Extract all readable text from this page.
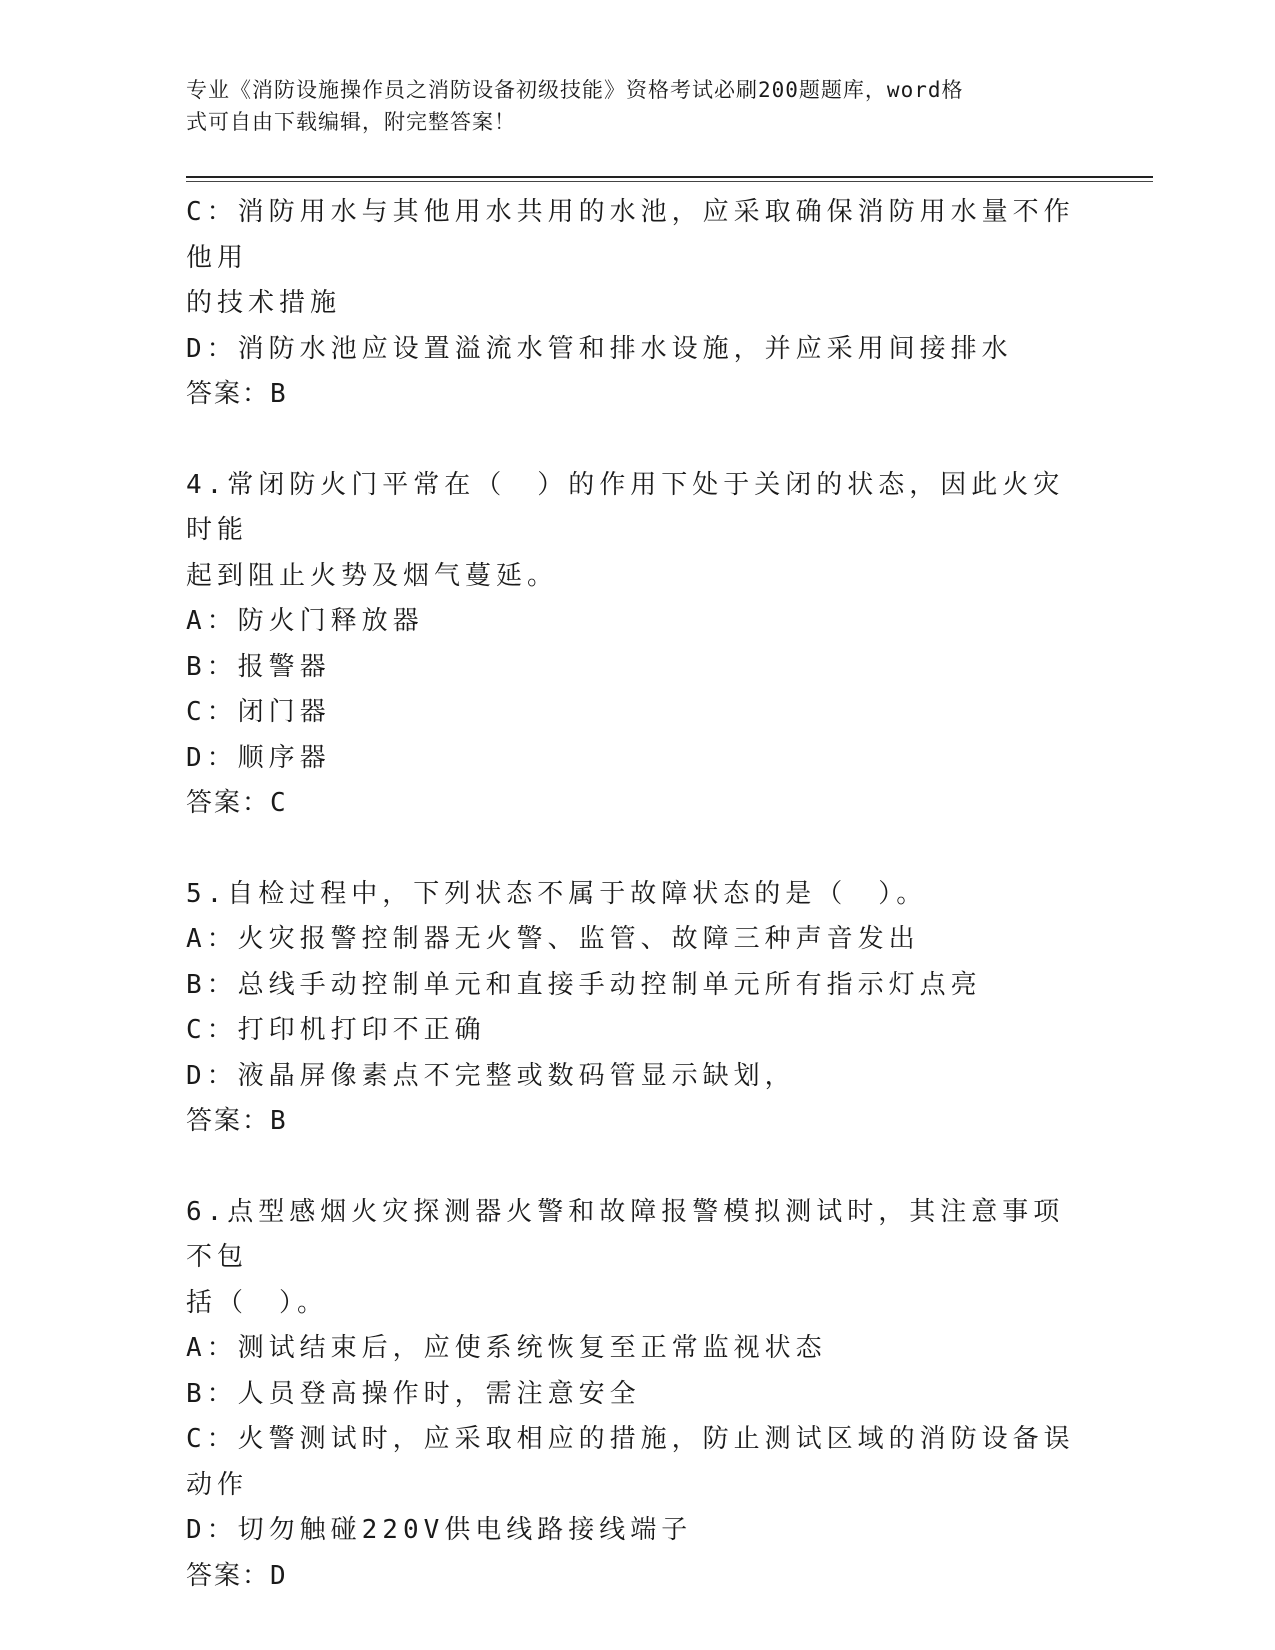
专业《消防设施操作员之消防设备初级技能》资格考试必刷200题题库，word格
式可自由下载编辑，附完整答案！
C：消防用水与其他用水共用的水池，应采取确保消防用水量不作他用
的技术措施
D：消防水池应设置溢流水管和排水设施，并应采用间接排水
答案：B
4.常闭防火门平常在（　）的作用下处于关闭的状态，因此火灾时能
起到阻止火势及烟气蔓延。
A：防火门释放器
B：报警器
C：闭门器
D：顺序器
答案：C
5.自检过程中，下列状态不属于故障状态的是（　）。
A：火灾报警控制器无火警、监管、故障三种声音发出
B：总线手动控制单元和直接手动控制单元所有指示灯点亮
C：打印机打印不正确
D：液晶屏像素点不完整或数码管显示缺划，
答案：B
6.点型感烟火灾探测器火警和故障报警模拟测试时，其注意事项不包
括（　）。
A：测试结束后，应使系统恢复至正常监视状态
B：人员登高操作时，需注意安全
C：火警测试时，应采取相应的措施，防止测试区域的消防设备误动作
D：切勿触碰220V供电线路接线端子
答案：D
